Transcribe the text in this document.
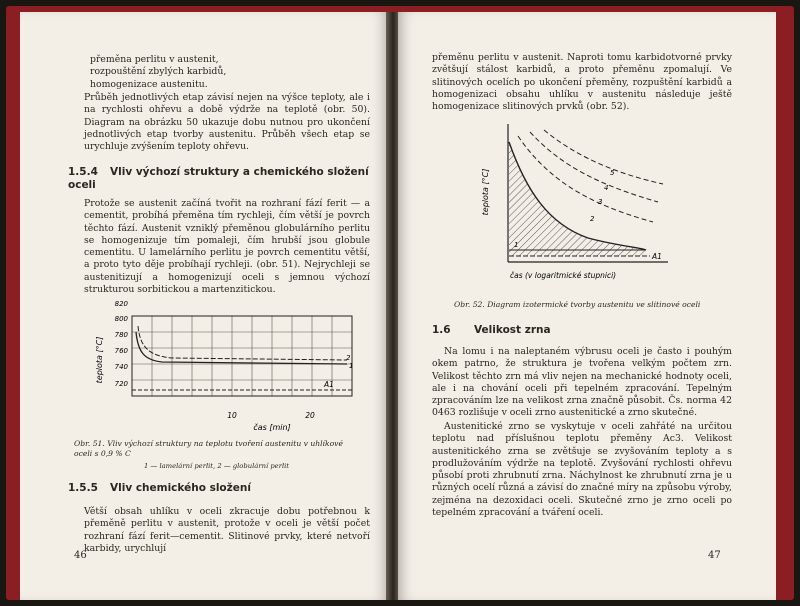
přeměna perlitu v austenit,
rozpouštění zbylých karbidů,
homogenizace austenitu.

Průběh jednotlivých etap závisí nejen na výšce teploty, ale i na rychlosti ohřevu a době výdrže na teplotě (obr. 50). Diagram na obrázku 50 ukazuje dobu nutnou pro ukončení jednotlivých etap tvorby austenitu. Průběh všech etap se urychluje zvýšením teploty ohřevu.

1.5.4 Vliv výchozí struktury a chemického složení
oceli

Protože se austenit začíná tvořit na rozhraní fází ferit — a cementit, probíhá přeměna tím rychleji, čím větší je povrch těchto fází. Austenit vzniklý přeměnou globulárního perlitu se homogenizuje tím pomaleji, čím hrubší jsou globule cementitu. U lamelárního perlitu je povrch cementitu větší, a proto tyto děje probíhají rychleji. (obr. 51). Nejrychleji se austenitizují a homogenizují oceli s jemnou výchozí strukturou sorbitickou a martenzitickou.

teplota [°C]
820
800
780
760
740
720
1
2
A1
10	20
čas [min]

Obr. 51. Vliv výchozí struktury na teplotu tvoření austenitu v uhlíkové
oceli s 0,9 % C

1 — lamelární perlit, 2 — globulární perlit

1.5.5 Vliv chemického složení

Větší obsah uhlíku v oceli zkracuje dobu potřebnou k přeměně perlitu v austenit, protože v oceli je větší počet rozhraní fází ferit—cementit. Slitinové prvky, které netvoří karbidy, urychlují

46

přeměnu perlitu v austenit. Naproti tomu karbidotvorné prvky zvětšují stálost karbidů, a proto přeměnu zpomalují. Ve slitinových ocelích po ukončení přeměny, rozpuštění karbidů a homogenizaci obsahu uhlíku v austenitu následuje ještě homogenizace slitinových prvků (obr. 52).

teplota [°C]
1
2
3
4
5
A1
čas (v logaritmické stupnici)

Obr. 52. Diagram izotermické tvorby austenitu ve slitinové oceli

1.6 Velikost zrna

Na lomu i na naleptaném výbrusu oceli je často i pouhým okem patrno, že struktura je tvořena velkým počtem zrn. Velikost těchto zrn má vliv nejen na mechanické hodnoty oceli, ale i na chování oceli při tepelném zpracování. Tepelným zpracováním lze na velikost zrna značně působit. Čs. norma 42 0463 rozlišuje v oceli zrno austenitické a zrno skutečné.

Austenitické zrno se vyskytuje v oceli zahřáté na určitou teplotu nad příslušnou teplotu přeměny Ac3. Velikost austenitického zrna se zvětšuje se zvyšováním teploty a s prodlužováním výdrže na teplotě. Zvyšování rychlosti ohřevu působí proti zhrubnutí zrna. Náchylnost ke zhrubnutí zrna je u různých ocelí různá a závisí do značné míry na způsobu výroby, zejména na dezoxidaci oceli. Skutečné zrno je zrno oceli po tepelném zpracování a tváření oceli.

47
